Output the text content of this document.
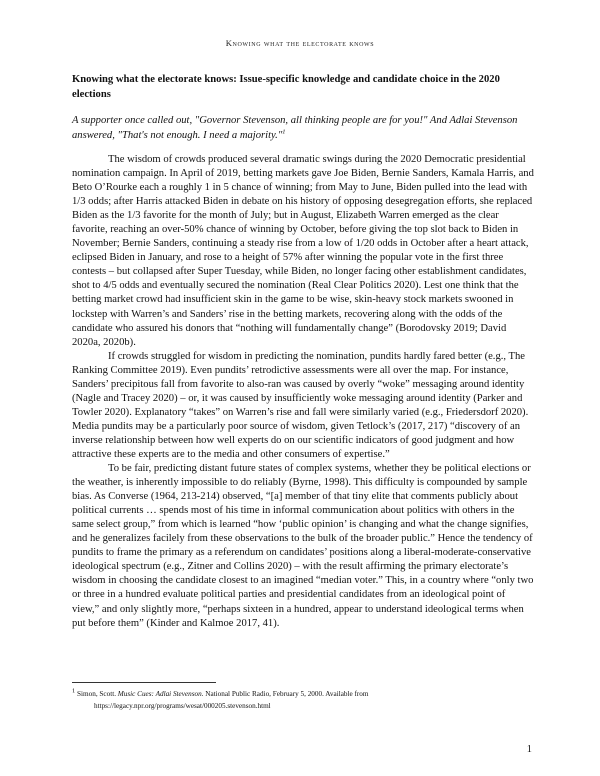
Knowing what the electorate knows
Knowing what the electorate knows: Issue-specific knowledge and candidate choice in the 2020 elections
A supporter once called out, "Governor Stevenson, all thinking people are for you!" And Adlai Stevenson answered, "That's not enough. I need a majority."$^1$

The wisdom of crowds produced several dramatic swings during the 2020 Democratic presidential nomination campaign. In April of 2019, betting markets gave Joe Biden, Bernie Sanders, Kamala Harris, and Beto O’Rourke each a roughly 1 in 5 chance of winning; from May to June, Biden pulled into the lead with 1/3 odds; after Harris attacked Biden in debate on his history of opposing desegregation efforts, she replaced Biden as the 1/3 favorite for the month of July; but in August, Elizabeth Warren emerged as the clear favorite, reaching an over-50% chance of winning by October, before giving the top slot back to Biden in November; Bernie Sanders, continuing a steady rise from a low of 1/20 odds in October after a heart attack, eclipsed Biden in January, and rose to a height of 57% after winning the popular vote in the first three contests – but collapsed after Super Tuesday, while Biden, no longer facing other establishment candidates, shot to 4/5 odds and eventually secured the nomination (Real Clear Politics 2020). Lest one think that the betting market crowd had insufficient skin in the game to be wise, skin-heavy stock markets swooned in lockstep with Warren’s and Sanders’ rise in the betting markets, recovering along with the odds of the candidate who assured his donors that “nothing will fundamentally change” (Borodovsky 2019; David 2020a, 2020b).

If crowds struggled for wisdom in predicting the nomination, pundits hardly fared better (e.g., The Ranking Committee 2019). Even pundits’ retrodictive assessments were all over the map. For instance, Sanders’ precipitous fall from favorite to also-ran was caused by overly “woke” messaging around identity (Nagle and Tracey 2020) – or, it was caused by insufficiently woke messaging around identity (Parker and Towler 2020). Explanatory “takes” on Warren’s rise and fall were similarly varied (e.g., Friedersdorf 2020). Media pundits may be a particularly poor source of wisdom, given Tetlock’s (2017, 217) “discovery of an inverse relationship between how well experts do on our scientific indicators of good judgment and how attractive these experts are to the media and other consumers of expertise.”

To be fair, predicting distant future states of complex systems, whether they be political elections or the weather, is inherently impossible to do reliably (Byrne, 1998). This difficulty is compounded by sample bias. As Converse (1964, 213-214) observed, “[a] member of that tiny elite that comments publicly about political currents … spends most of his time in informal communication about politics with others in the same select group,” from which is learned “how ‘public opinion’ is changing and what the change signifies, and he generalizes facilely from these observations to the bulk of the broader public.” Hence the tendency of pundits to frame the primary as a referendum on candidates’ positions along a liberal-moderate-conservative ideological spectrum (e.g., Zitner and Collins 2020) – with the result affirming the primary electorate’s wisdom in choosing the candidate closest to an imagined “median voter.” This, in a country where “only two or three in a hundred evaluate political parties and presidential candidates from an ideological point of view,” and only slightly more, “perhaps sixteen in a hundred, appear to understand ideological terms when put before them” (Kinder and Kalmoe 2017, 41).

$^1$ Simon, Scott. Music Cues: Adlai Stevenson. National Public Radio, February 5, 2000. Available from
https://legacy.npr.org/programs/wesat/000205.stevenson.html
1
